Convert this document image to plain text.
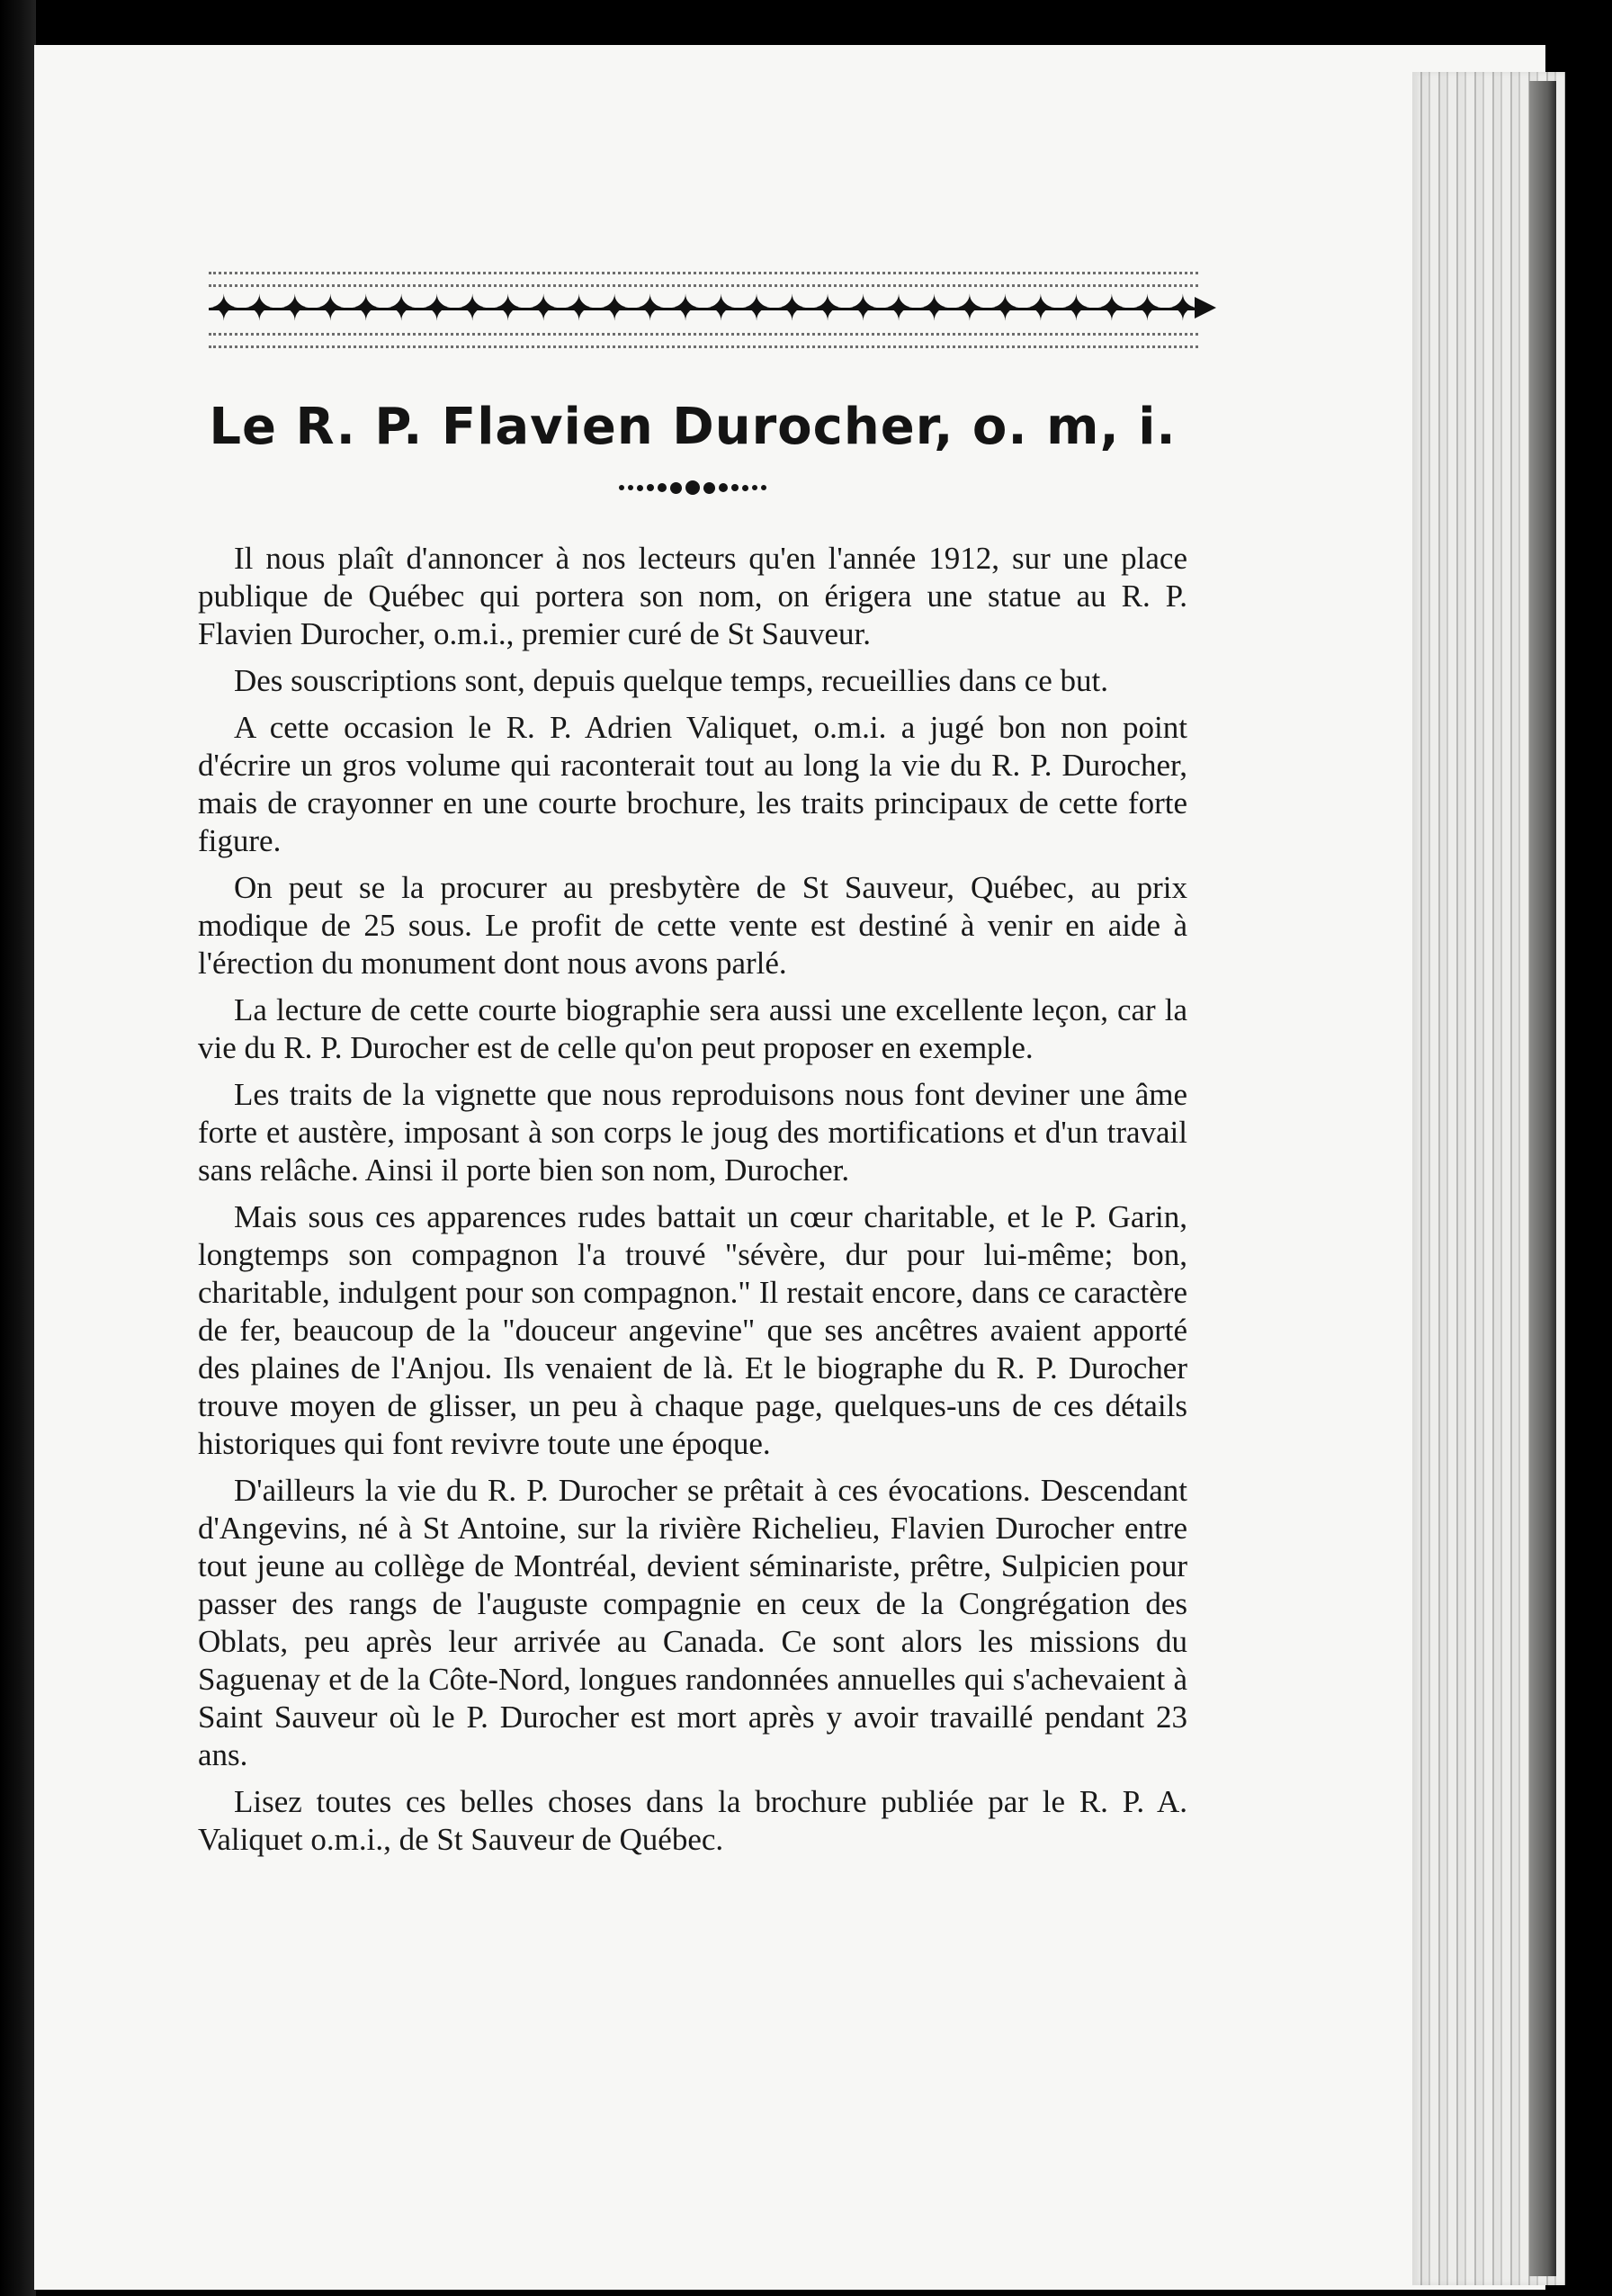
✦ ✦ ✦ ✦ ✦ ✦ ✦ ✦ ✦ ✦ ✦ ✦ ✦ ✦ ✦ ✦ ✦ ✦ ✦ ✦ ✦ ✦ ✦ ✦ ✦ ✦ ✦ ✦
Le R. P. Flavien Durocher, o. m, i.

Il nous plaît d'annoncer à nos lecteurs qu'en l'année 1912, sur une place publique de Québec qui portera son nom, on érigera une statue au R. P. Flavien Durocher, o.m.i., premier curé de St Sauveur.

Des souscriptions sont, depuis quelque temps, recueillies dans ce but.

A cette occasion le R. P. Adrien Valiquet, o.m.i. a jugé bon non point d'écrire un gros volume qui raconterait tout au long la vie du R. P. Durocher, mais de crayonner en une courte brochure, les traits principaux de cette forte figure.

On peut se la procurer au presbytère de St Sauveur, Québec, au prix modique de 25 sous. Le profit de cette vente est destiné à venir en aide à l'érection du monument dont nous avons parlé.

La lecture de cette courte biographie sera aussi une excellente leçon, car la vie du R. P. Durocher est de celle qu'on peut proposer en exemple.

Les traits de la vignette que nous reproduisons nous font deviner une âme forte et austère, imposant à son corps le joug des mortifications et d'un travail sans relâche. Ainsi il porte bien son nom, Durocher.

Mais sous ces apparences rudes battait un cœur charitable, et le P. Garin, longtemps son compagnon l'a trouvé "sévère, dur pour lui-même; bon, charitable, indulgent pour son compagnon." Il restait encore, dans ce caractère de fer, beaucoup de la "douceur angevine" que ses ancêtres avaient apporté des plaines de l'Anjou. Ils venaient de là. Et le biographe du R. P. Durocher trouve moyen de glisser, un peu à chaque page, quelques-uns de ces détails historiques qui font revivre toute une époque.

D'ailleurs la vie du R. P. Durocher se prêtait à ces évocations. Descendant d'Angevins, né à St Antoine, sur la rivière Richelieu, Flavien Durocher entre tout jeune au collège de Montréal, devient séminariste, prêtre, Sulpicien pour passer des rangs de l'auguste compagnie en ceux de la Congrégation des Oblats, peu après leur arrivée au Canada. Ce sont alors les missions du Saguenay et de la Côte-Nord, longues randonnées annuelles qui s'achevaient à Saint Sauveur où le P. Durocher est mort après y avoir travaillé pendant 23 ans.

Lisez toutes ces belles choses dans la brochure publiée par le R. P. A. Valiquet o.m.i., de St Sauveur de Québec.
